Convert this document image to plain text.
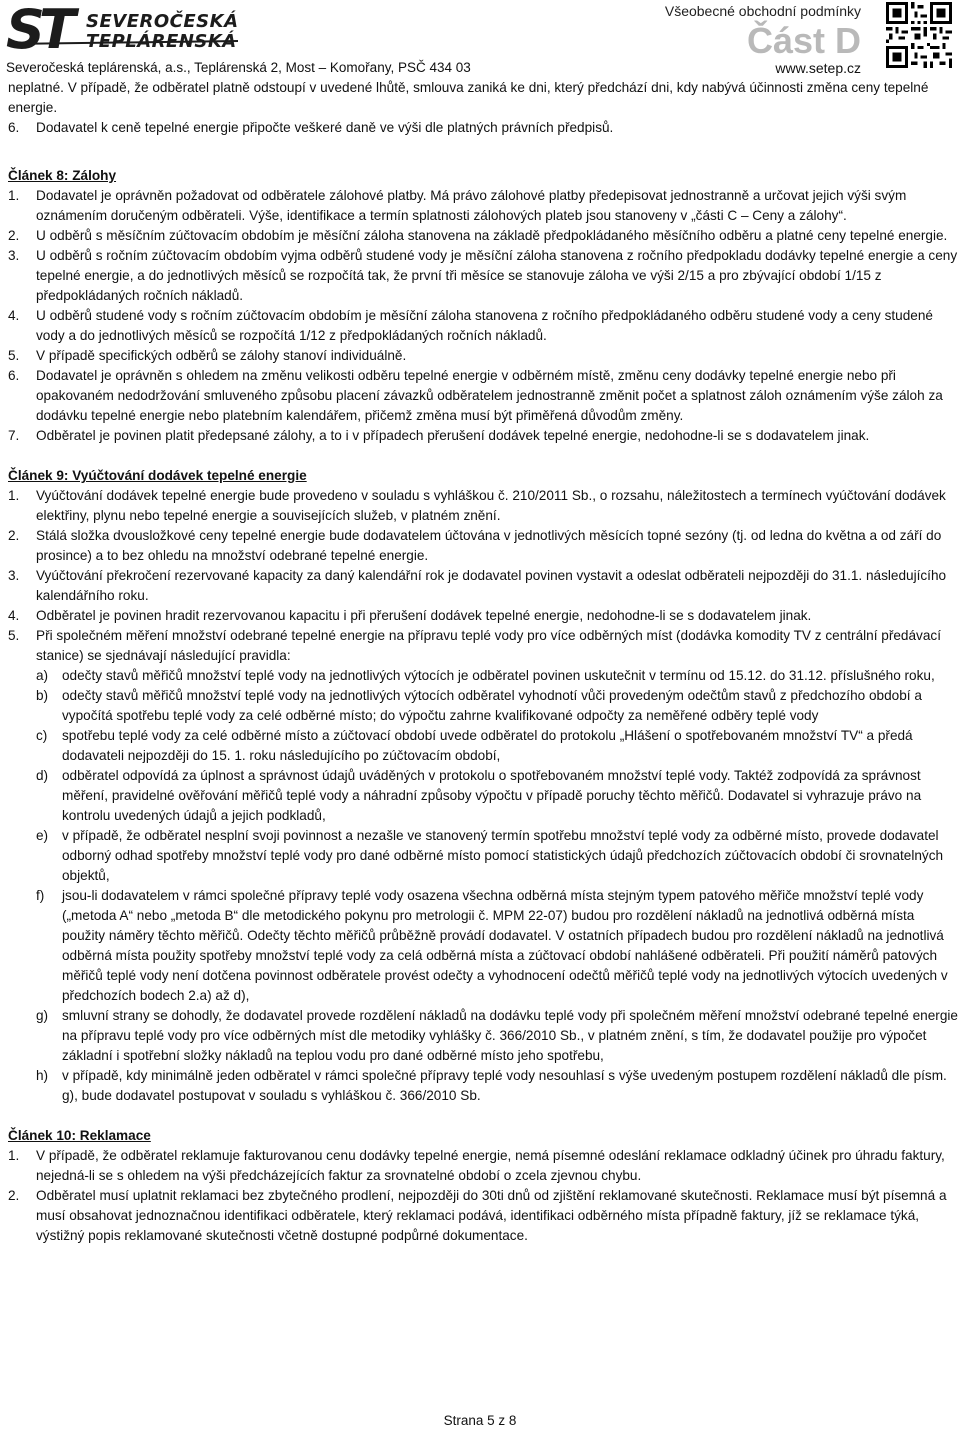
ST SEVEROČESKÁ
TEPLÁRENSKÁ
Severočeská teplárenská, a.s., Teplárenská 2, Most – Komořany, PSČ 434 03
Všeobecné obchodní podmínky
Část D
www.setep.cz

neplatné. V případě, že odběratel platně odstoupí v uvedené lhůtě, smlouva zaniká ke dni, který předchází dni, kdy nabývá účinnosti změna ceny tepelné energie.

6. Dodavatel k ceně tepelné energie připočte veškeré daně ve výši dle platných právních předpisů.

Článek 8: Zálohy

1. Dodavatel je oprávněn požadovat od odběratele zálohové platby. Má právo zálohové platby předepisovat jednostranně a určovat jejich výši svým oznámením doručeným odběrateli. Výše, identifikace a termín splatnosti zálohových plateb jsou stanoveny v „části C – Ceny a zálohy“.
2. U odběrů s měsíčním zúčtovacím obdobím je měsíční záloha stanovena na základě předpokládaného měsíčního odběru a platné ceny tepelné energie.
3. U odběrů s ročním zúčtovacím obdobím vyjma odběrů studené vody je měsíční záloha stanovena z ročního předpokladu dodávky tepelné energie a ceny tepelné energie, a do jednotlivých měsíců se rozpočítá tak, že první tři měsíce se stanovuje záloha ve výši 2/15 a pro zbývající období 1/15 z předpokládaných ročních nákladů.
4. U odběrů studené vody s ročním zúčtovacím obdobím je měsíční záloha stanovena z ročního předpokládaného odběru studené vody a ceny studené vody a do jednotlivých měsíců se rozpočítá 1/12 z předpokládaných ročních nákladů.
5. V případě specifických odběrů se zálohy stanoví individuálně.
6. Dodavatel je oprávněn s ohledem na změnu velikosti odběru tepelné energie v odběrném místě, změnu ceny dodávky tepelné energie nebo při opakovaném nedodržování smluveného způsobu placení závazků odběratelem jednostranně změnit počet a splatnost záloh oznámením výše záloh za dodávku tepelné energie nebo platebním kalendářem, přičemž změna musí být přiměřená důvodům změny.
7. Odběratel je povinen platit předepsané zálohy, a to i v případech přerušení dodávek tepelné energie, nedohodne-li se s dodavatelem jinak.

Článek 9: Vyúčtování dodávek tepelné energie

1. Vyúčtování dodávek tepelné energie bude provedeno v souladu s vyhláškou č. 210/2011 Sb., o rozsahu, náležitostech a termínech vyúčtování dodávek elektřiny, plynu nebo tepelné energie a souvisejících služeb, v platném znění.
2. Stálá složka dvousložkové ceny tepelné energie bude dodavatelem účtována v jednotlivých měsících topné sezóny (tj. od ledna do května a od září do prosince) a to bez ohledu na množství odebrané tepelné energie.
3. Vyúčtování překročení rezervované kapacity za daný kalendářní rok je dodavatel povinen vystavit a odeslat odběrateli nejpozději do 31.1. následujícího kalendářního roku.
4. Odběratel je povinen hradit rezervovanou kapacitu i při přerušení dodávek tepelné energie, nedohodne-li se s dodavatelem jinak.
5. Při společném měření množství odebrané tepelné energie na přípravu teplé vody pro více odběrných míst (dodávka komodity TV z centrální předávací stanice) se sjednávají následující pravidla:
a) odečty stavů měřičů množství teplé vody na jednotlivých výtocích je odběratel povinen uskutečnit v termínu od 15.12. do 31.12. příslušného roku,
b) odečty stavů měřičů množství teplé vody na jednotlivých výtocích odběratel vyhodnotí vůči provedeným odečtům stavů z předchozího období a vypočítá spotřebu teplé vody za celé odběrné místo; do výpočtu zahrne kvalifikované odpočty za neměřené odběry teplé vody
c) spotřebu teplé vody za celé odběrné místo a zúčtovací období uvede odběratel do protokolu „Hlášení o spotřebovaném množství TV“ a předá dodavateli nejpozději do 15. 1. roku následujícího po zúčtovacím období,
d) odběratel odpovídá za úplnost a správnost údajů uváděných v protokolu o spotřebovaném množství teplé vody. Taktéž zodpovídá za správnost měření, pravidelné ověřování měřičů teplé vody a náhradní způsoby výpočtu v případě poruchy těchto měřičů. Dodavatel si vyhrazuje právo na kontrolu uvedených údajů a jejich podkladů,
e) v případě, že odběratel nesplní svoji povinnost a nezašle ve stanovený termín spotřebu množství teplé vody za odběrné místo, provede dodavatel odborný odhad spotřeby množství teplé vody pro dané odběrné místo pomocí statistických údajů předchozích zúčtovacích období či srovnatelných objektů,
f) jsou-li dodavatelem v rámci společné přípravy teplé vody osazena všechna odběrná místa stejným typem patového měřiče množství teplé vody („metoda A“ nebo „metoda B“ dle metodického pokynu pro metrologii č. MPM 22-07) budou pro rozdělení nákladů na jednotlivá odběrná místa použity náměry těchto měřičů. Odečty těchto měřičů průběžně provádí dodavatel. V ostatních případech budou pro rozdělení nákladů na jednotlivá odběrná místa použity spotřeby množství teplé vody za celá odběrná místa a zúčtovací období nahlášené odběrateli. Při použití náměrů patových měřičů teplé vody není dotčena povinnost odběratele provést odečty a vyhodnocení odečtů měřičů teplé vody na jednotlivých výtocích uvedených v předchozích bodech 2.a) až d),
g) smluvní strany se dohodly, že dodavatel provede rozdělení nákladů na dodávku teplé vody při společném měření množství odebrané tepelné energie na přípravu teplé vody pro více odběrných míst dle metodiky vyhlášky č. 366/2010 Sb., v platném znění, s tím, že dodavatel použije pro výpočet základní i spotřební složky nákladů na teplou vodu pro dané odběrné místo jeho spotřebu,
h) v případě, kdy minimálně jeden odběratel v rámci společné přípravy teplé vody nesouhlasí s výše uvedeným postupem rozdělení nákladů dle písm. g), bude dodavatel postupovat v souladu s vyhláškou č. 366/2010 Sb.

Článek 10: Reklamace

1. V případě, že odběratel reklamuje fakturovanou cenu dodávky tepelné energie, nemá písemné odeslání reklamace odkladný účinek pro úhradu faktury, nejedná-li se s ohledem na výši předcházejících faktur za srovnatelné období o zcela zjevnou chybu.
2. Odběratel musí uplatnit reklamaci bez zbytečného prodlení, nejpozději do 30ti dnů od zjištění reklamované skutečnosti. Reklamace musí být písemná a musí obsahovat jednoznačnou identifikaci odběratele, který reklamaci podává, identifikaci odběrného místa případně faktury, jíž se reklamace týká, výstižný popis reklamované skutečnosti včetně dostupné podpůrné dokumentace.
Strana 5 z 8
